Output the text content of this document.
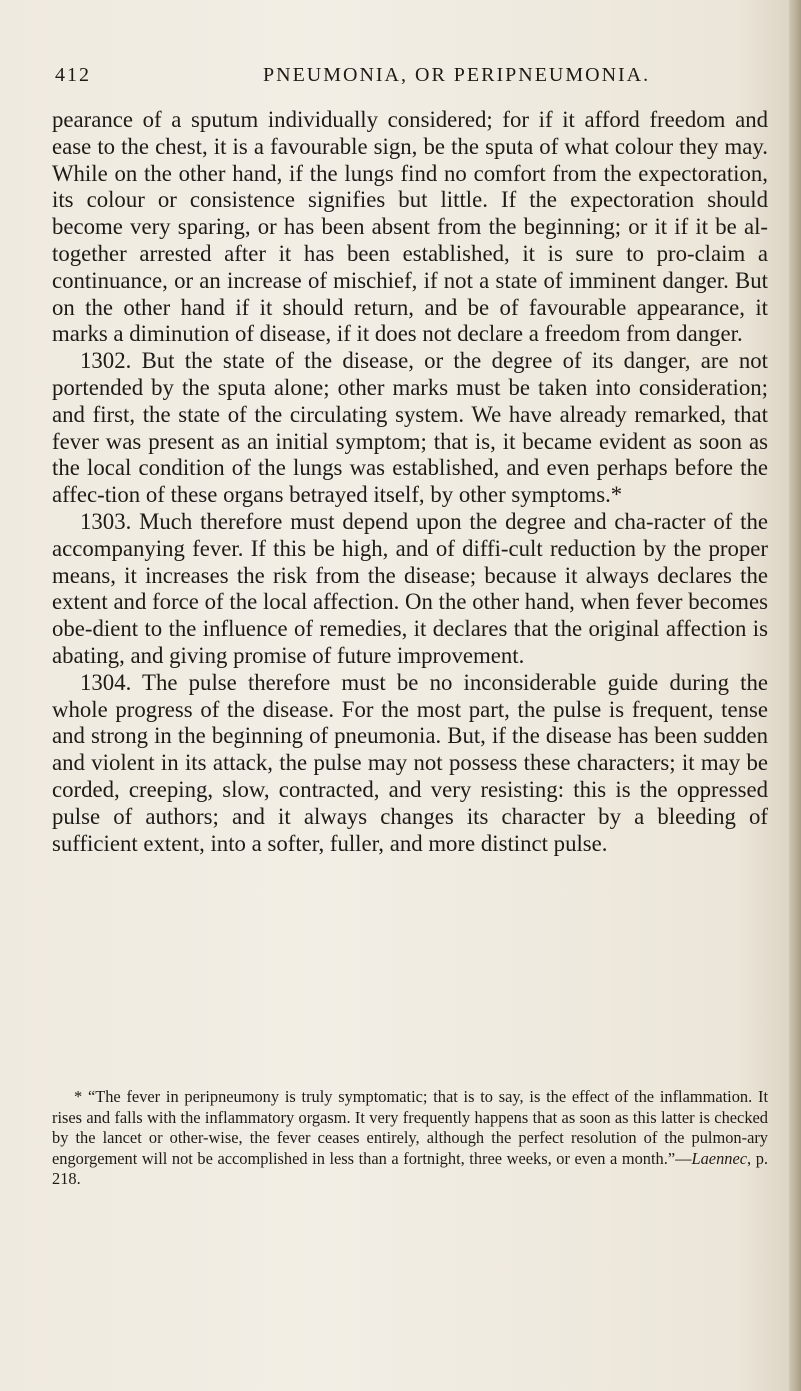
412	PNEUMONIA, OR PERIPNEUMONIA.

pearance of a sputum individually considered; for if it afford freedom and ease to the chest, it is a favourable sign, be the sputa of what colour they may. While on the other hand, if the lungs find no comfort from the expectoration, its colour or consistence signifies but little. If the expectoration should become very sparing, or has been absent from the beginning; or it if it be al-together arrested after it has been established, it is sure to pro-claim a continuance, or an increase of mischief, if not a state of imminent danger. But on the other hand if it should return, and be of favourable appearance, it marks a diminution of disease, if it does not declare a freedom from danger.

1302. But the state of the disease, or the degree of its danger, are not portended by the sputa alone; other marks must be taken into consideration; and first, the state of the circulating system. We have already remarked, that fever was present as an initial symptom; that is, it became evident as soon as the local condition of the lungs was established, and even perhaps before the affec-tion of these organs betrayed itself, by other symptoms.*

1303. Much therefore must depend upon the degree and cha-racter of the accompanying fever. If this be high, and of diffi-cult reduction by the proper means, it increases the risk from the disease; because it always declares the extent and force of the local affection. On the other hand, when fever becomes obe-dient to the influence of remedies, it declares that the original affection is abating, and giving promise of future improvement.

1304. The pulse therefore must be no inconsiderable guide during the whole progress of the disease. For the most part, the pulse is frequent, tense and strong in the beginning of pneumonia. But, if the disease has been sudden and violent in its attack, the pulse may not possess these characters; it may be corded, creeping, slow, contracted, and very resisting: this is the oppressed pulse of authors; and it always changes its character by a bleeding of sufficient extent, into a softer, fuller, and more distinct pulse.

* “The fever in peripneumony is truly symptomatic; that is to say, is the effect of the inflammation. It rises and falls with the inflammatory orgasm. It very frequently happens that as soon as this latter is checked by the lancet or other-wise, the fever ceases entirely, although the perfect resolution of the pulmon-ary engorgement will not be accomplished in less than a fortnight, three weeks, or even a month.”—Laennec, p. 218.
